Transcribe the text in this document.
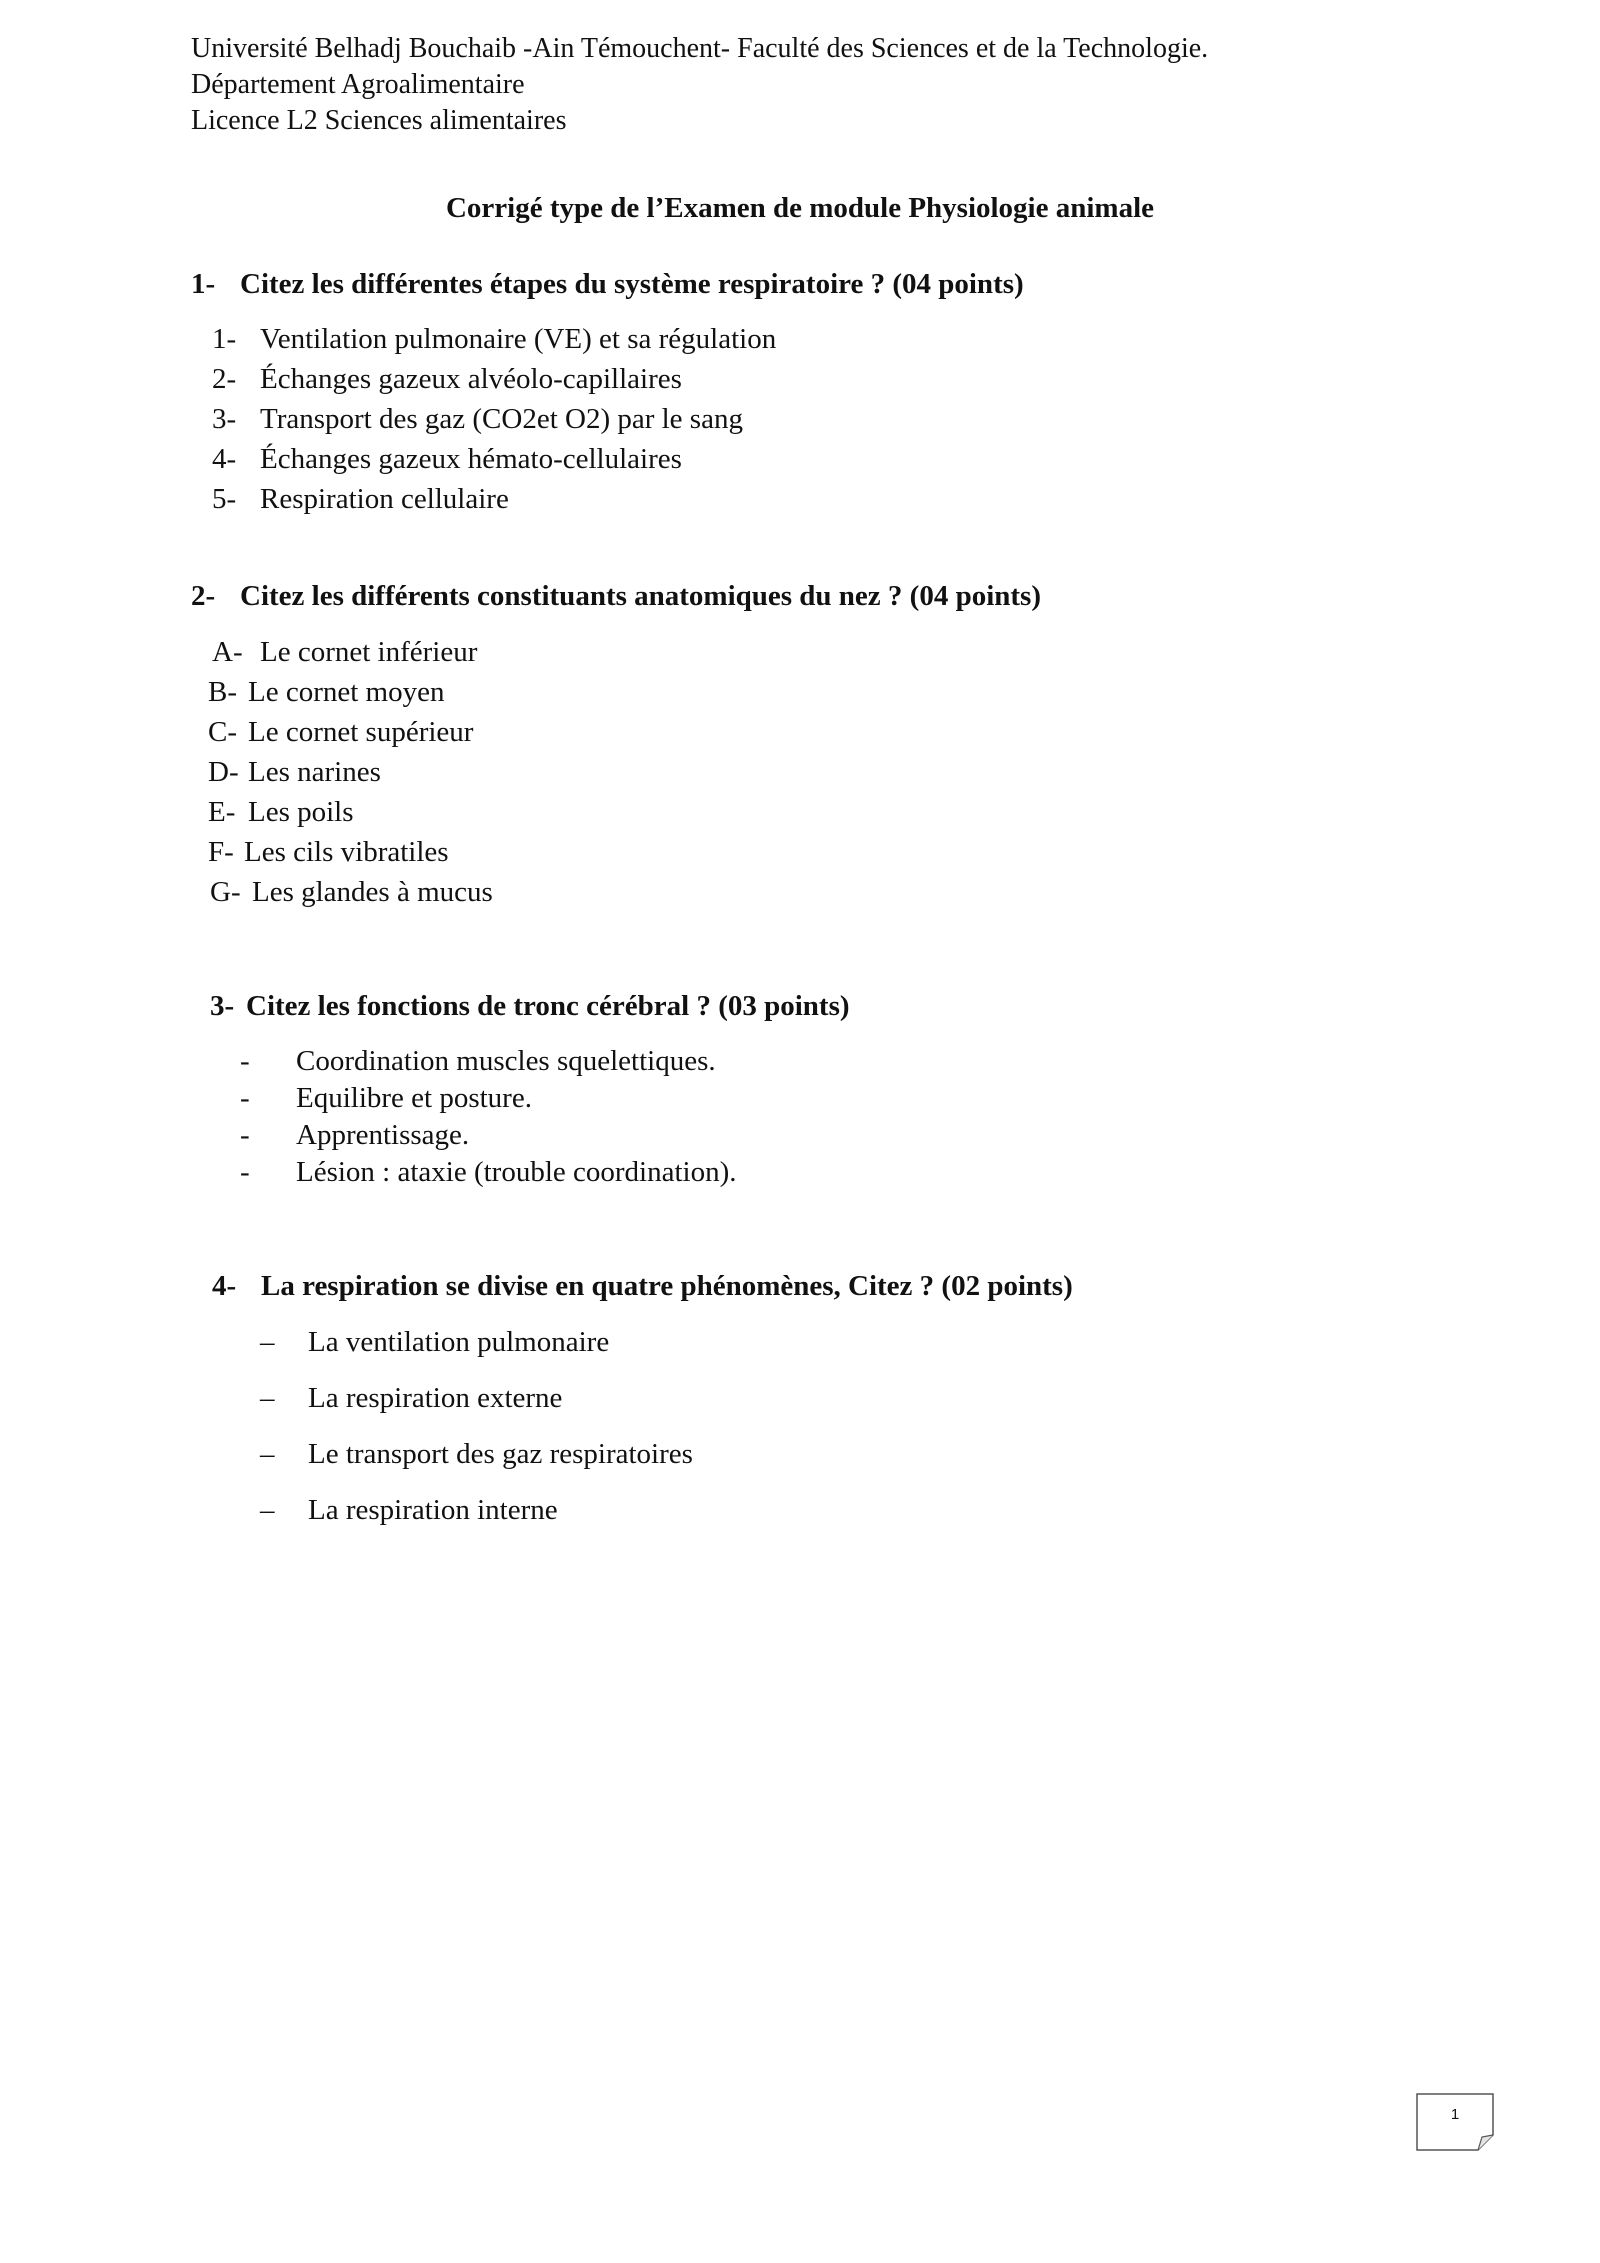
Université Belhadj Bouchaib -Ain Témouchent- Faculté des Sciences et de la Technologie.
Département Agroalimentaire
Licence L2 Sciences alimentaires
Corrigé type de l’Examen de module Physiologie animale
1- Citez les différentes étapes du système respiratoire ? (04 points)
1- Ventilation pulmonaire (VE) et sa régulation
2- Échanges gazeux alvéolo-capillaires
3- Transport des gaz (CO2et O2) par le sang
4- Échanges gazeux hémato-cellulaires
5- Respiration cellulaire
2- Citez les différents constituants anatomiques du nez ? (04 points)
A- Le cornet inférieur
B- Le cornet moyen
C- Le cornet supérieur
D- Les narines
E- Les poils
F- Les cils vibratiles
G- Les glandes à mucus
3- Citez les fonctions de tronc cérébral ? (03 points)
- Coordination muscles squelettiques.
- Equilibre et posture.
- Apprentissage.
- Lésion : ataxie (trouble coordination).
4- La respiration se divise en quatre phénomènes, Citez ? (02 points)
– La ventilation pulmonaire
– La respiration externe
– Le transport des gaz respiratoires
– La respiration interne
1
